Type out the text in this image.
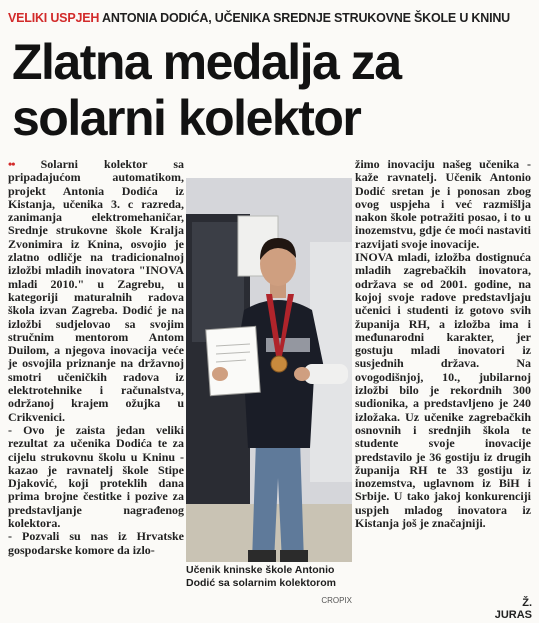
VELIKI USPJEH ANTONIA DODIĆA, UČENIKA SREDNJE STRUKOVNE ŠKOLE U KNINU
Zlatna medalja za
solarni kolektor

•• Solarni kolektor sa pripadajućom automatikom, projekt Antonia Dodića iz Kistanja, učenika 3. c razreda, zanimanja elektromehaničar, Srednje strukovne škole Kralja Zvonimira iz Knina, osvojio je zlatno odličje na tradicionalnoj izložbi mladih inovatora "INOVA mladi 2010." u Zagrebu, u kategoriji maturalnih radova škola izvan Zagreba. Dodić je na izložbi sudjelovao sa svojim stručnim mentorom Antom Duilom, a njegova inovacija veće je osvojila priznanje na državnoj smotri učeničkih radova iz elektrotehnike i računalstva, održanoj krajem ožujka u Crikvenici.

- Ovo je zaista jedan veliki rezultat za učenika Dodića te za cijelu strukovnu školu u Kninu - kazao je ravnatelj škole Stipe Djaković, koji proteklih dana prima brojne čestitke i pozive za predstavljanje nagrađenog kolektora.

- Pozvali su nas iz Hrvatske gospodarske komore da izlo-

Učenik kninske škole Antonio Dodić sa solarnim kolektorom
CROPIX

žimo inovaciju našeg učenika - kaže ravnatelj. Učenik Antonio Dodić sretan je i ponosan zbog ovog uspjeha i već razmišlja nakon škole potražiti posao, i to u inozemstvu, gdje će moći nastaviti razvijati svoje inovacije.

INOVA mladi, izložba dostignuća mladih zagrebačkih inovatora, održava se od 2001. godine, na kojoj svoje radove predstavljaju učenici i studenti iz gotovo svih županija RH, a izložba ima i međunarodni karakter, jer gostuju mladi inovatori iz susjednih država. Na ovogodišnjoj, 10., jubilarnoj izložbi bilo je rekordnih 300 sudionika, a predstavljeno je 240 izložaka. Uz učenike zagrebačkih osnovnih i srednjih škola te studente svoje inovacije predstavilo je 36 gostiju iz drugih županija RH te 33 gostiju iz inozemstva, uglavnom iz BiH i Srbije. U tako jakoj konkurenciji uspjeh mladog inovatora iz Kistanja još je značajniji.

Ž. JURAS
